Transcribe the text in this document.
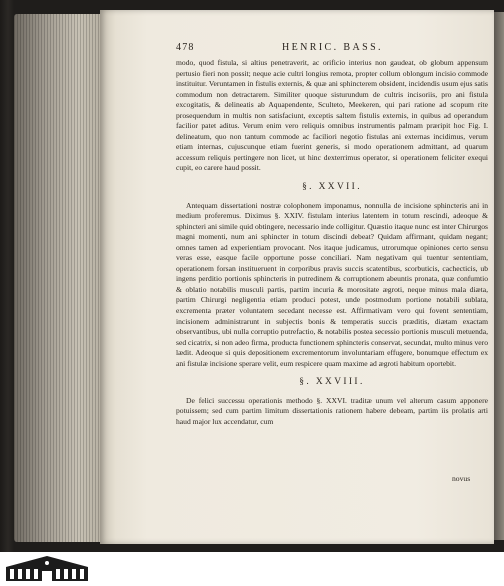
478	HENRIC. BASS.

modo, quod fistula, si altius penetraverit, ac orificio interius non gaudeat, ob globum appensum pertusio fieri non possit; neque acie cultri longius remota, propter collum oblongum incisio commode instituitur. Veruntamen in fistulis externis, & quæ ani sphincterem obsident, incidendis usum ejus satis commodum non detractarem. Similiter quoque sisturundum de cultris incisoriis, pro ani fistula excogitatis, & delineatis ab Aquapendente, Sculteto, Meekeren, qui pari ratione ad scopum rite prosequendum in multis non satisfaciunt, exceptis saltem fistulis externis, in quibus ad operandum facilior patet aditus. Verum enim vero reliquis omnibus instrumentis palmam præripit hoc Fig. I. delineatum, quo non tantum commode ac faciliori negotio fistulas ani externas incidimus, verum etiam internas, cujuscunque etiam fuerint generis, si modo operationem admittant, ad quarum accessum reliquis pertingere non licet, ut hinc dexterrimus operator, si operationem feliciter exequi cupit, eo carere haud possit.

§. XXVII.

Antequam dissertationi nostræ colophonem imponamus, nonnulla de incisione sphincteris ani in medium proferemus. Diximus §. XXIV. fistulam interius latentem in totum rescindi, adeoque & sphincteri ani simile quid obtingere, necessario inde colligitur. Quæstio itaque nunc est inter Chirurgos magni momenti, num ani sphincter in totum discindi debeat? Quidam affirmant, quidam negant; omnes tamen ad experientiam provocant. Nos itaque judicamus, utrorumque opiniones certo sensu veras esse, easque facile opportune posse conciliari. Nam negativam qui tuentur sententiam, operationem forsan institueruent in corporibus pravis succis scatentibus, scorbuticis, cachecticis, ub ingens perditio portionis sphincteris in putredinem & corruptionem abeuntis pronata, quæ confumtio & oblatio notabilis musculi partis, partim incuria & morositate ægroti, neque minus mala diæta, partim Chirurgi negligentia etiam produci potest, unde postmodum portione notabili sublata, excrementa præter voluntatem secedant necesse est. Affirmativam vero qui fovent sententiam, incisionem administrarunt in subjectis bonis & temperatis succis præditis, diætam exactam observantibus, ubi nulla corruptio putrefactio, & notabilis postea secessio portionis musculi metuenda, sed cicatrix, si non adeo firma, producta functionem sphincteris conservat, secundat, multo minus vero lædit. Adeoque si quis depositionem excrementorum involuntariam effugere, bonumque effectum ex ani fistulæ incisione sperare velit, eum respicere quam maxime ad ægroti habitum oportebit.

§. XXVIII.

De felici successu operationis methodo §. XXVI. traditæ unum vel alterum casum apponere potuissem; sed cum partim limitum dissertationis rationem habere debeam, partim iis prolatis arti haud major lux accendatur, cum

novus
